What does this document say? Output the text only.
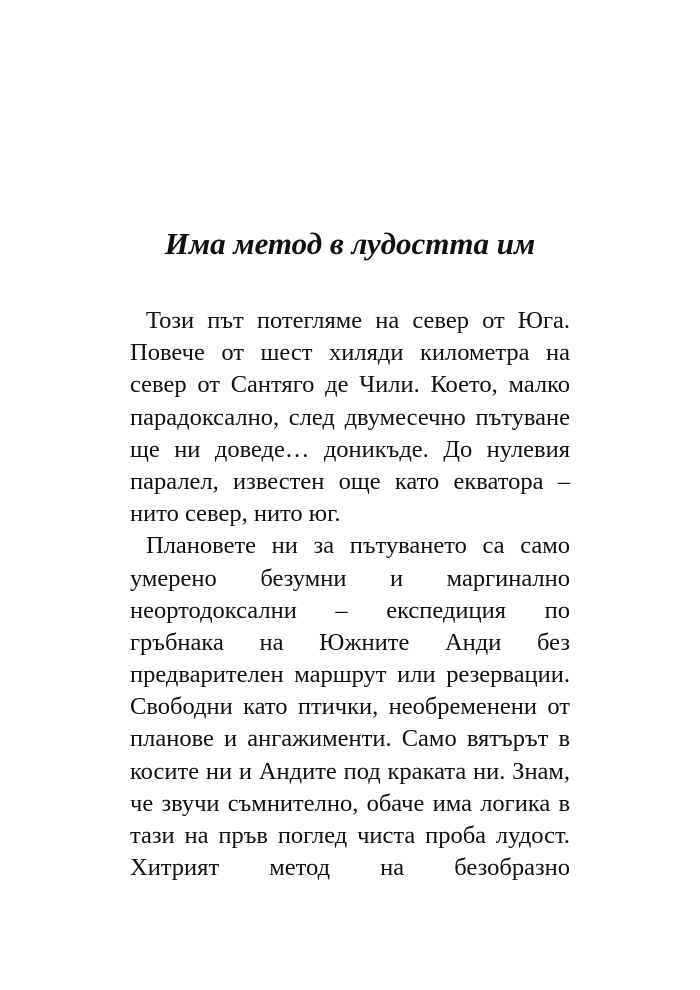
Има метод в лудостта им
Този път потегляме на север от Юга.
Повече от шест хиляди километра на
север от Сантяго де Чили. Което, малко
парадоксално, след двумесечно пътуване
ще ни доведе… доникъде. До нулевия
паралел, известен още като екватора –
нито север, нито юг.
Плановете ни за пътуването са само
умерено безумни и маргинално
неортодоксални – експедиция по
гръбнака на Южните Анди без
предварителен маршрут или резервации.
Свободни като птички, необременени от
планове и ангажименти. Само вятърът в
косите ни и Андите под краката ни. Знам,
че звучи съмнително, обаче има логика в
тази на пръв поглед чиста проба лудост.
Хитрият метод на безобразно
